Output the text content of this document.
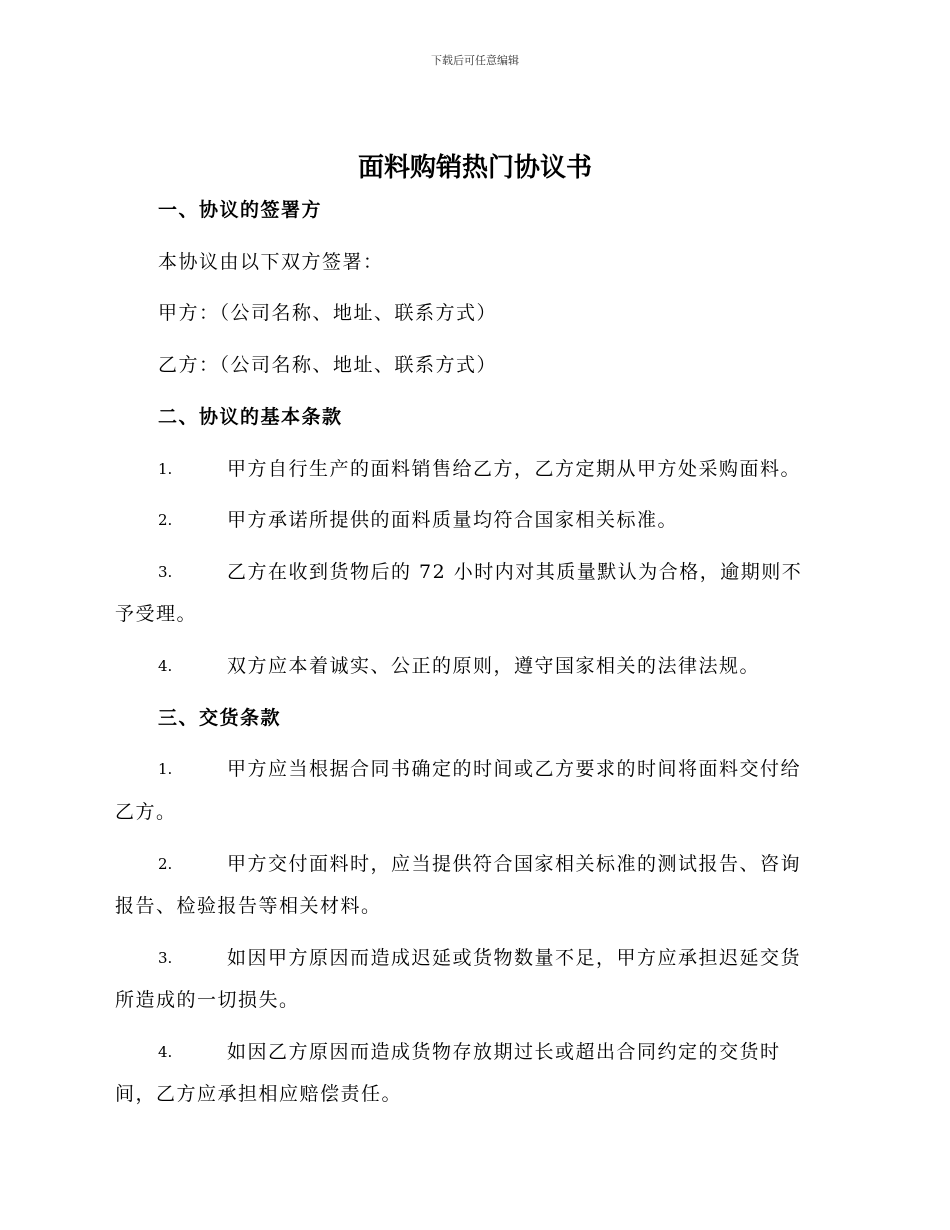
下载后可任意编辑
面料购销热门协议书
一、协议的签署方
本协议由以下双方签署：
甲方：（公司名称、地址、联系方式）
乙方：（公司名称、地址、联系方式）
二、协议的基本条款
1.	甲方自行生产的面料销售给乙方，乙方定期从甲方处采购面料。
2.	甲方承诺所提供的面料质量均符合国家相关标准。
3.	乙方在收到货物后的 72 小时内对其质量默认为合格，逾期则不
予受理。
4.	双方应本着诚实、公正的原则，遵守国家相关的法律法规。
三、交货条款
1.	甲方应当根据合同书确定的时间或乙方要求的时间将面料交付给
乙方。
2.	甲方交付面料时，应当提供符合国家相关标准的测试报告、咨询
报告、检验报告等相关材料。
3.	如因甲方原因而造成迟延或货物数量不足，甲方应承担迟延交货
所造成的一切损失。
4.	如因乙方原因而造成货物存放期过长或超出合同约定的交货时
间，乙方应承担相应赔偿责任。
